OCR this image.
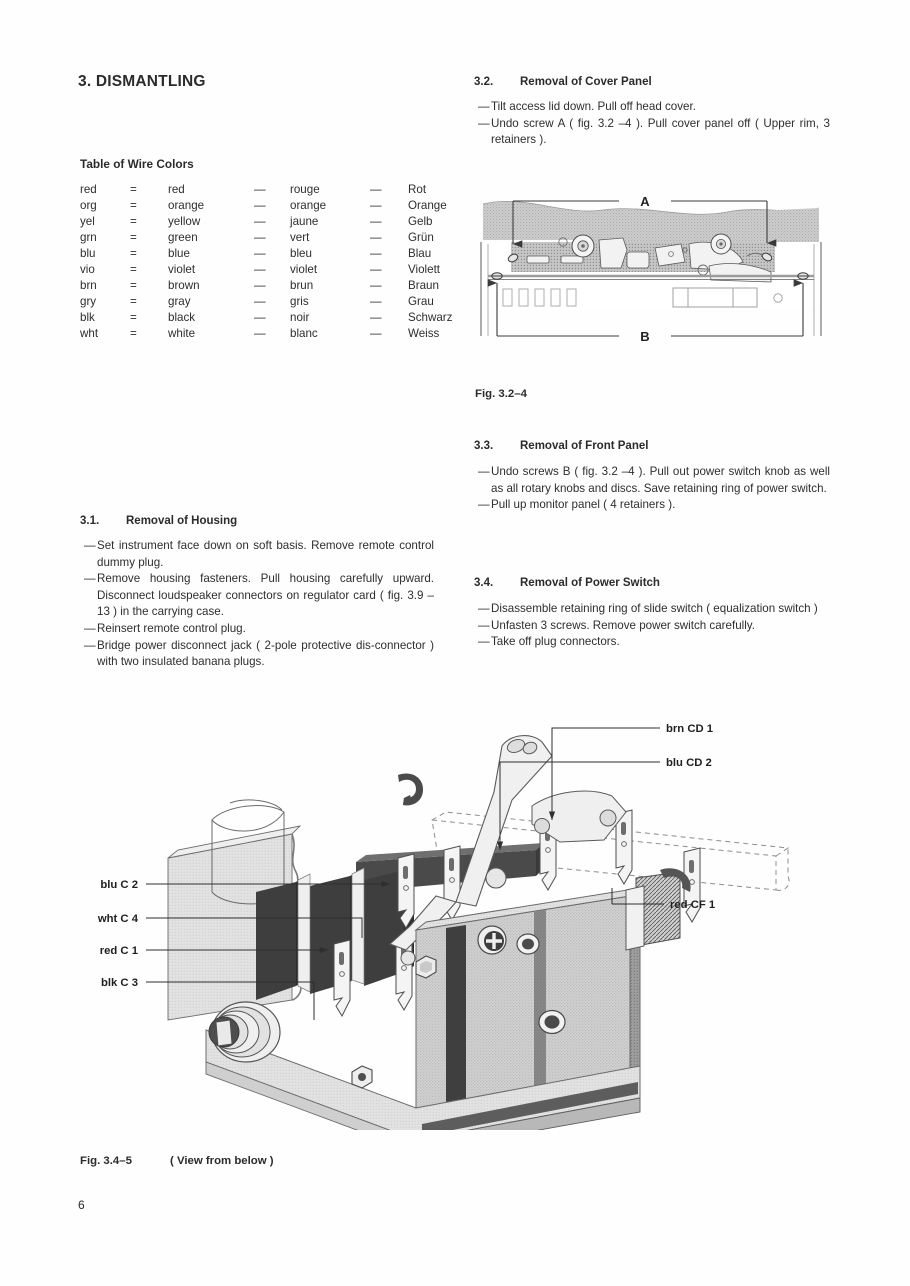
3. DISMANTLING
Table of Wire Colors
red	=	red	—	rouge	—	Rot
org	=	orange	—	orange	—	Orange
yel	=	yellow	—	jaune	—	Gelb
grn	=	green	—	vert	—	Grün
blu	=	blue	—	bleu	—	Blau
vio	=	violet	—	violet	—	Violett
brn	=	brown	—	brun	—	Braun
gry	=	gray	—	gris	—	Grau
blk	=	black	—	noir	—	Schwarz
wht	=	white	—	blanc	—	Weiss
3.1. Removal of Housing
— Set instrument face down on soft basis. Remove remote control dummy plug.
— Remove housing fasteners. Pull housing carefully upward. Disconnect loudspeaker connectors on regulator card ( fig. 3.9 –13 ) in the carrying case.
— Reinsert remote control plug.
— Bridge power disconnect jack ( 2-pole protective dis-connector ) with two insulated banana plugs.
3.2. Removal of Cover Panel
— Tilt access lid down. Pull off head cover.
— Undo screw A ( fig. 3.2 –4 ). Pull cover panel off ( Upper rim, 3 retainers ).
A
B
Fig. 3.2–4
3.3. Removal of Front Panel
— Undo screws B ( fig. 3.2 –4 ). Pull out power switch knob as well as all rotary knobs and discs. Save retaining ring of power switch.
— Pull up monitor panel ( 4 retainers ).
3.4. Removal of Power Switch
— Disassemble retaining ring of slide switch ( equalization switch )
— Unfasten 3 screws. Remove power switch carefully.
— Take off plug connectors.
brn CD 1
blu CD 2
red CF 1
blu C 2
wht C 4
red C 1
blk C 3
Fig. 3.4–5	( View from below )
6
